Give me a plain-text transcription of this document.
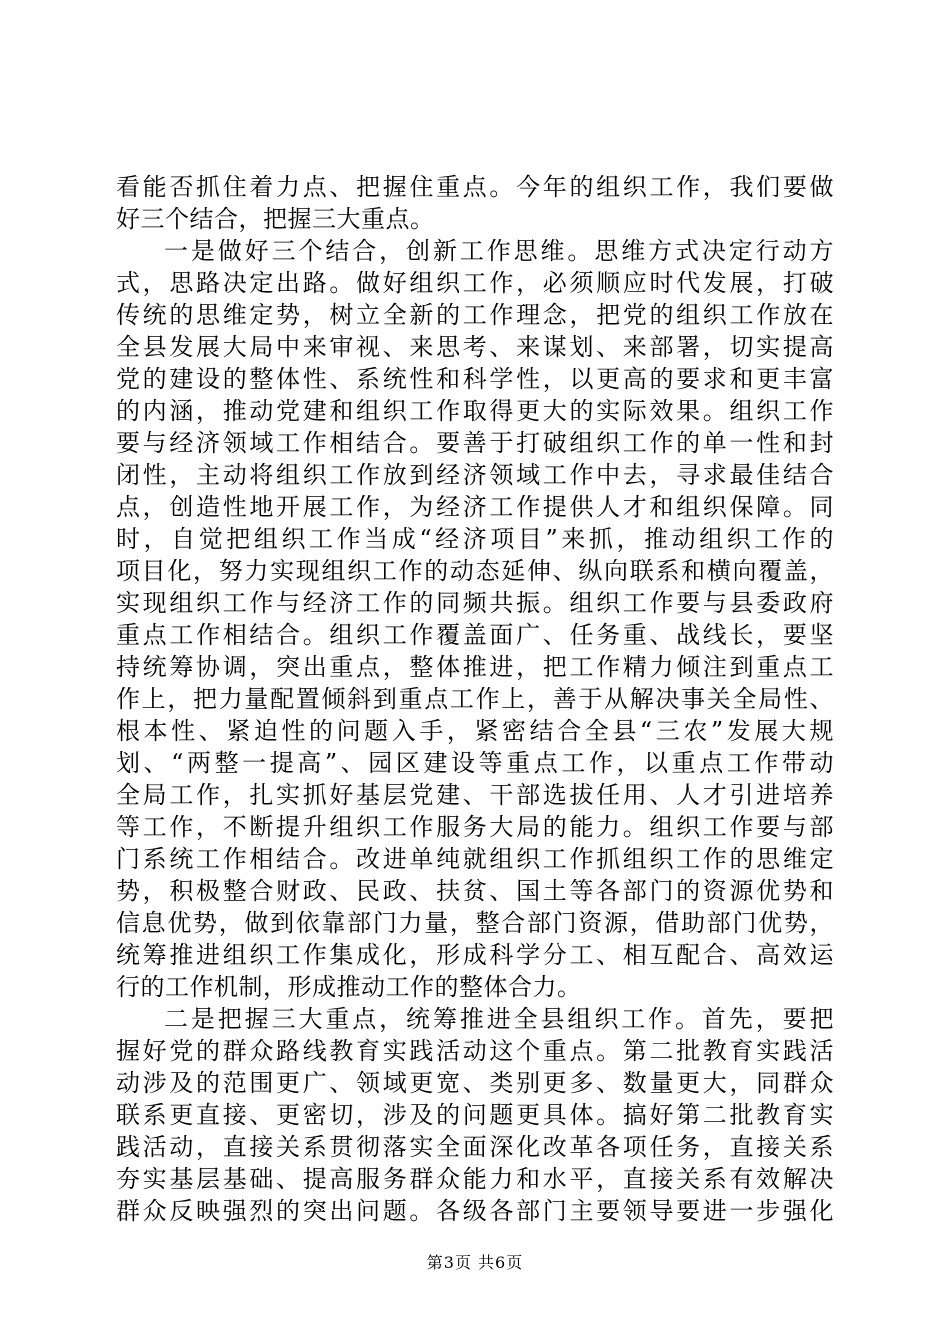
看能否抓住着力点、把握住重点。今年的组织工作，我们要做
好三个结合，把握三大重点。
一是做好三个结合，创新工作思维。思维方式决定行动方
式，思路决定出路。做好组织工作，必须顺应时代发展，打破
传统的思维定势，树立全新的工作理念，把党的组织工作放在
全县发展大局中来审视、来思考、来谋划、来部署，切实提高
党的建设的整体性、系统性和科学性，以更高的要求和更丰富
的内涵，推动党建和组织工作取得更大的实际效果。组织工作
要与经济领域工作相结合。要善于打破组织工作的单一性和封
闭性，主动将组织工作放到经济领域工作中去，寻求最佳结合
点，创造性地开展工作，为经济工作提供人才和组织保障。同
时，自觉把组织工作当成“经济项目”来抓，推动组织工作的
项目化，努力实现组织工作的动态延伸、纵向联系和横向覆盖，
实现组织工作与经济工作的同频共振。组织工作要与县委政府
重点工作相结合。组织工作覆盖面广、任务重、战线长，要坚
持统筹协调，突出重点，整体推进，把工作精力倾注到重点工
作上，把力量配置倾斜到重点工作上，善于从解决事关全局性、
根本性、紧迫性的问题入手，紧密结合全县“三农”发展大规
划、“两整一提高”、园区建设等重点工作，以重点工作带动
全局工作，扎实抓好基层党建、干部选拔任用、人才引进培养
等工作，不断提升组织工作服务大局的能力。组织工作要与部
门系统工作相结合。改进单纯就组织工作抓组织工作的思维定
势，积极整合财政、民政、扶贫、国土等各部门的资源优势和
信息优势，做到依靠部门力量，整合部门资源，借助部门优势，
统筹推进组织工作集成化，形成科学分工、相互配合、高效运
行的工作机制，形成推动工作的整体合力。
二是把握三大重点，统筹推进全县组织工作。首先，要把
握好党的群众路线教育实践活动这个重点。第二批教育实践活
动涉及的范围更广、领域更宽、类别更多、数量更大，同群众
联系更直接、更密切，涉及的问题更具体。搞好第二批教育实
践活动，直接关系贯彻落实全面深化改革各项任务，直接关系
夯实基层基础、提高服务群众能力和水平，直接关系有效解决
群众反映强烈的突出问题。各级各部门主要领导要进一步强化
第3页 共6页
